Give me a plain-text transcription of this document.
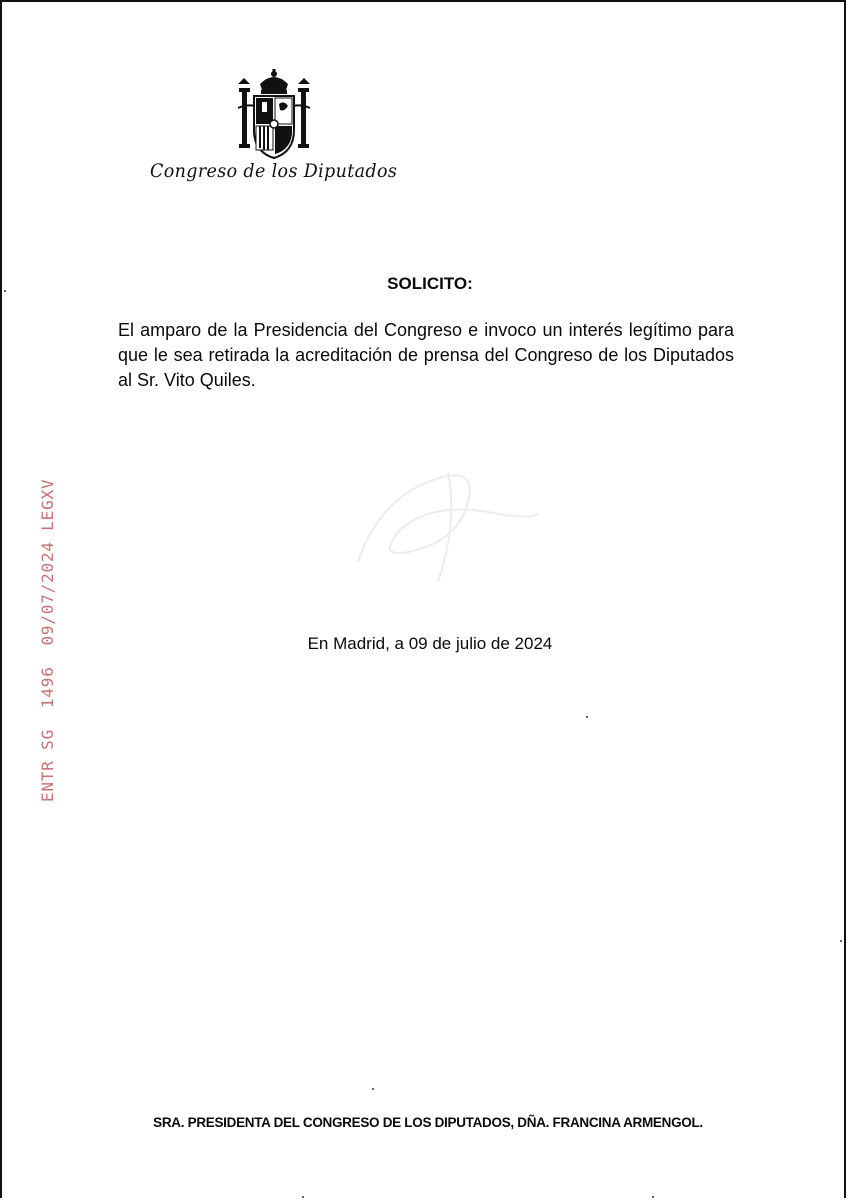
Congreso de los Diputados
SOLICITO:
El amparo de la Presidencia del Congreso e invoco un interés legítimo para que le sea retirada la acreditación de prensa del Congreso de los Diputados al Sr. Vito Quiles.
En Madrid, a 09 de julio de 2024
SRA. PRESIDENTA DEL CONGRESO DE LOS DIPUTADOS, DÑA. FRANCINA ARMENGOL.
ENTR SG  1496  09/07/2024 LEGXV
